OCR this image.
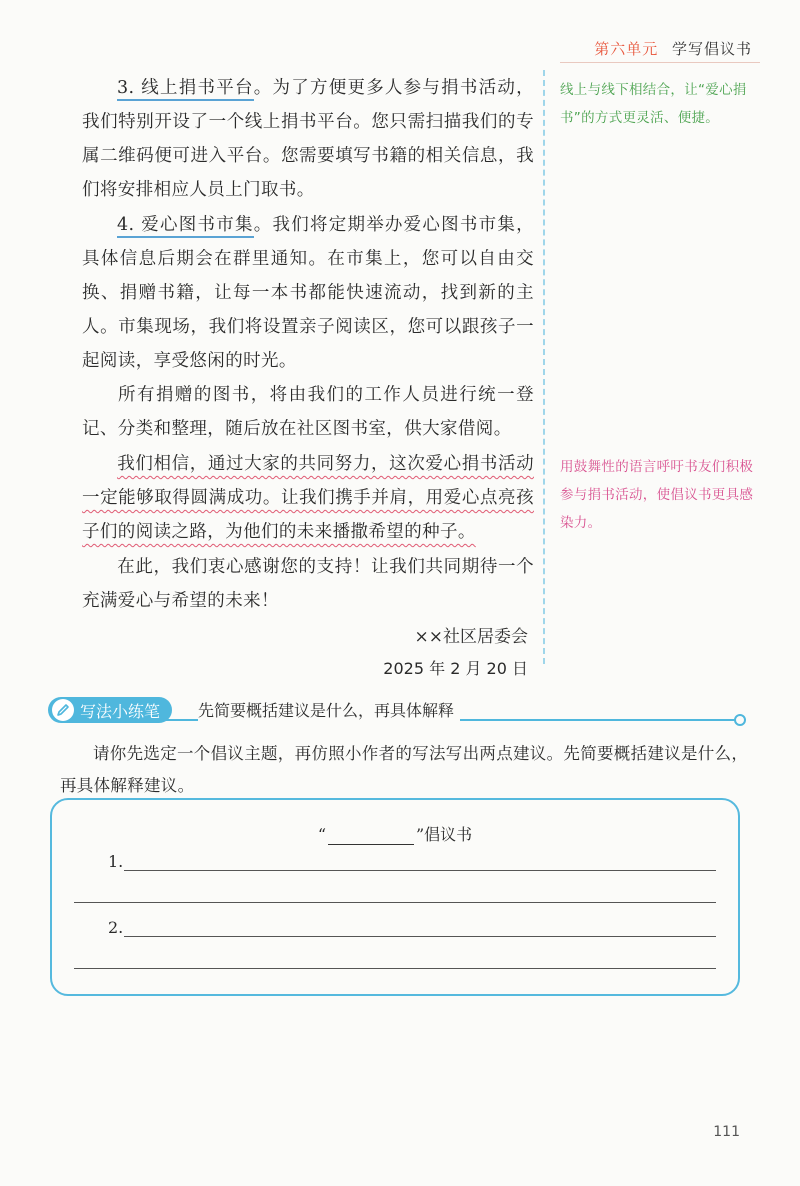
第六单元 学写倡议书

3. 线上捐书平台。为了方便更多人参与捐书活动，我们特别开设了一个线上捐书平台。您只需扫描我们的专属二维码便可进入平台。您需要填写书籍的相关信息，我们将安排相应人员上门取书。

4. 爱心图书市集。我们将定期举办爱心图书市集，具体信息后期会在群里通知。在市集上，您可以自由交换、捐赠书籍，让每一本书都能快速流动，找到新的主人。市集现场，我们将设置亲子阅读区，您可以跟孩子一起阅读，享受悠闲的时光。

所有捐赠的图书，将由我们的工作人员进行统一登记、分类和整理，随后放在社区图书室，供大家借阅。

我们相信，通过大家的共同努力，这次爱心捐书活动一定能够取得圆满成功。让我们携手并肩，用爱心点亮孩子们的阅读之路，为他们的未来播撒希望的种子。

在此，我们衷心感谢您的支持！让我们共同期待一个充满爱心与希望的未来！

××社区居委会
2025 年 2 月 20 日

线上与线下相结合，让“爱心捐书”的方式更灵活、便捷。

用鼓舞性的语言呼吁书友们积极参与捐书活动，使倡议书更具感染力。

写法小练笔 先简要概括建议是什么，再具体解释

请你先选定一个倡议主题，再仿照小作者的写法写出两点建议。先简要概括建议是什么，再具体解释建议。

“	”倡议书
1.
2.
111
